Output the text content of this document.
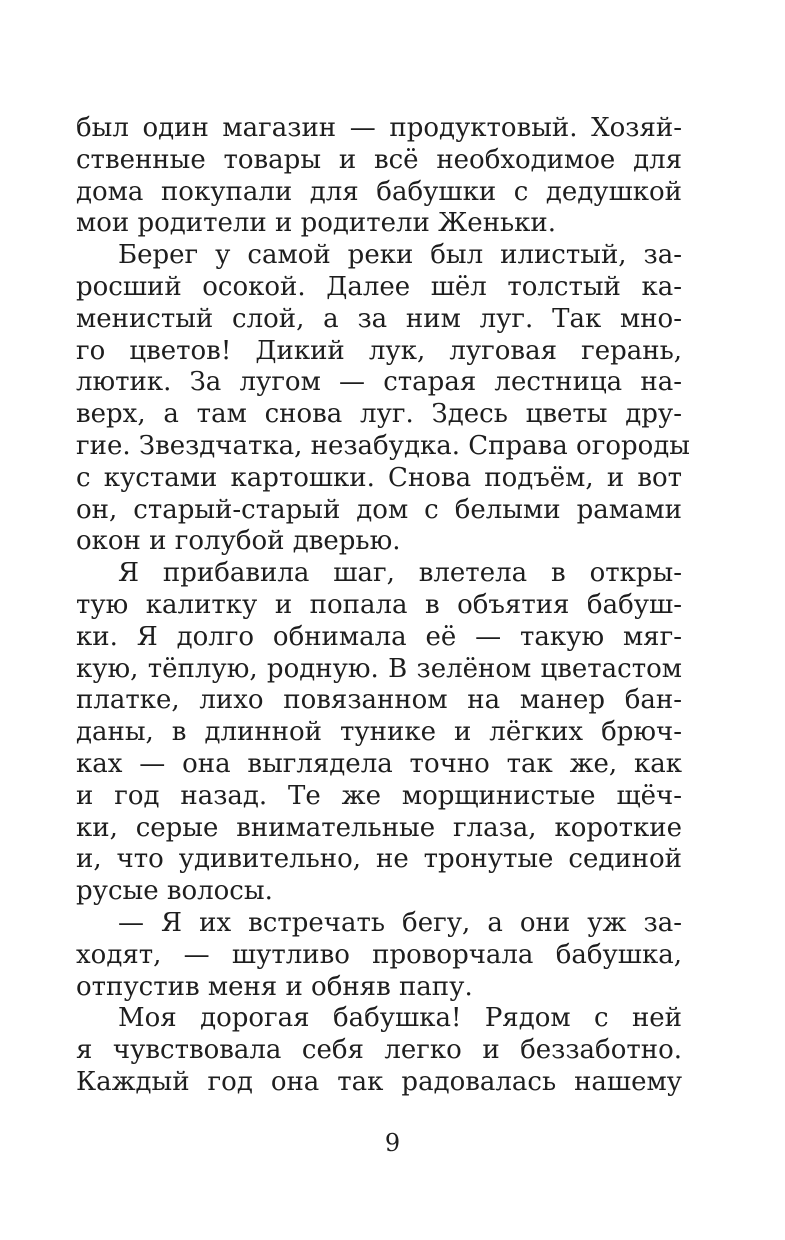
был один магазин — продуктовый. Хозяй-
ственные товары и всё необходимое для
дома покупали для бабушки с дедушкой
мои родители и родители Женьки.
Берег у самой реки был илистый, за-
росший осокой. Далее шёл толстый ка-
менистый слой, а за ним луг. Так мно-
го цветов! Дикий лук, луговая герань,
лютик. За лугом — старая лестница на-
верх, а там снова луг. Здесь цветы дру-
гие. Звездчатка, незабудка. Справа огороды
с кустами картошки. Снова подъём, и вот
он, старый-старый дом с белыми рамами
окон и голубой дверью.
Я прибавила шаг, влетела в откры-
тую калитку и попала в объятия бабуш-
ки. Я долго обнимала её — такую мяг-
кую, тёплую, родную. В зелёном цветастом
платке, лихо повязанном на манер бан-
даны, в длинной тунике и лёгких брюч-
ках — она выглядела точно так же, как
и год назад. Те же морщинистые щёч-
ки, серые внимательные глаза, короткие
и, что удивительно, не тронутые сединой
русые волосы.
— Я их встречать бегу, а они уж за-
ходят, — шутливо проворчала бабушка,
отпустив меня и обняв папу.
Моя дорогая бабушка! Рядом с ней
я чувствовала себя легко и беззаботно.
Каждый год она так радовалась нашему
9
